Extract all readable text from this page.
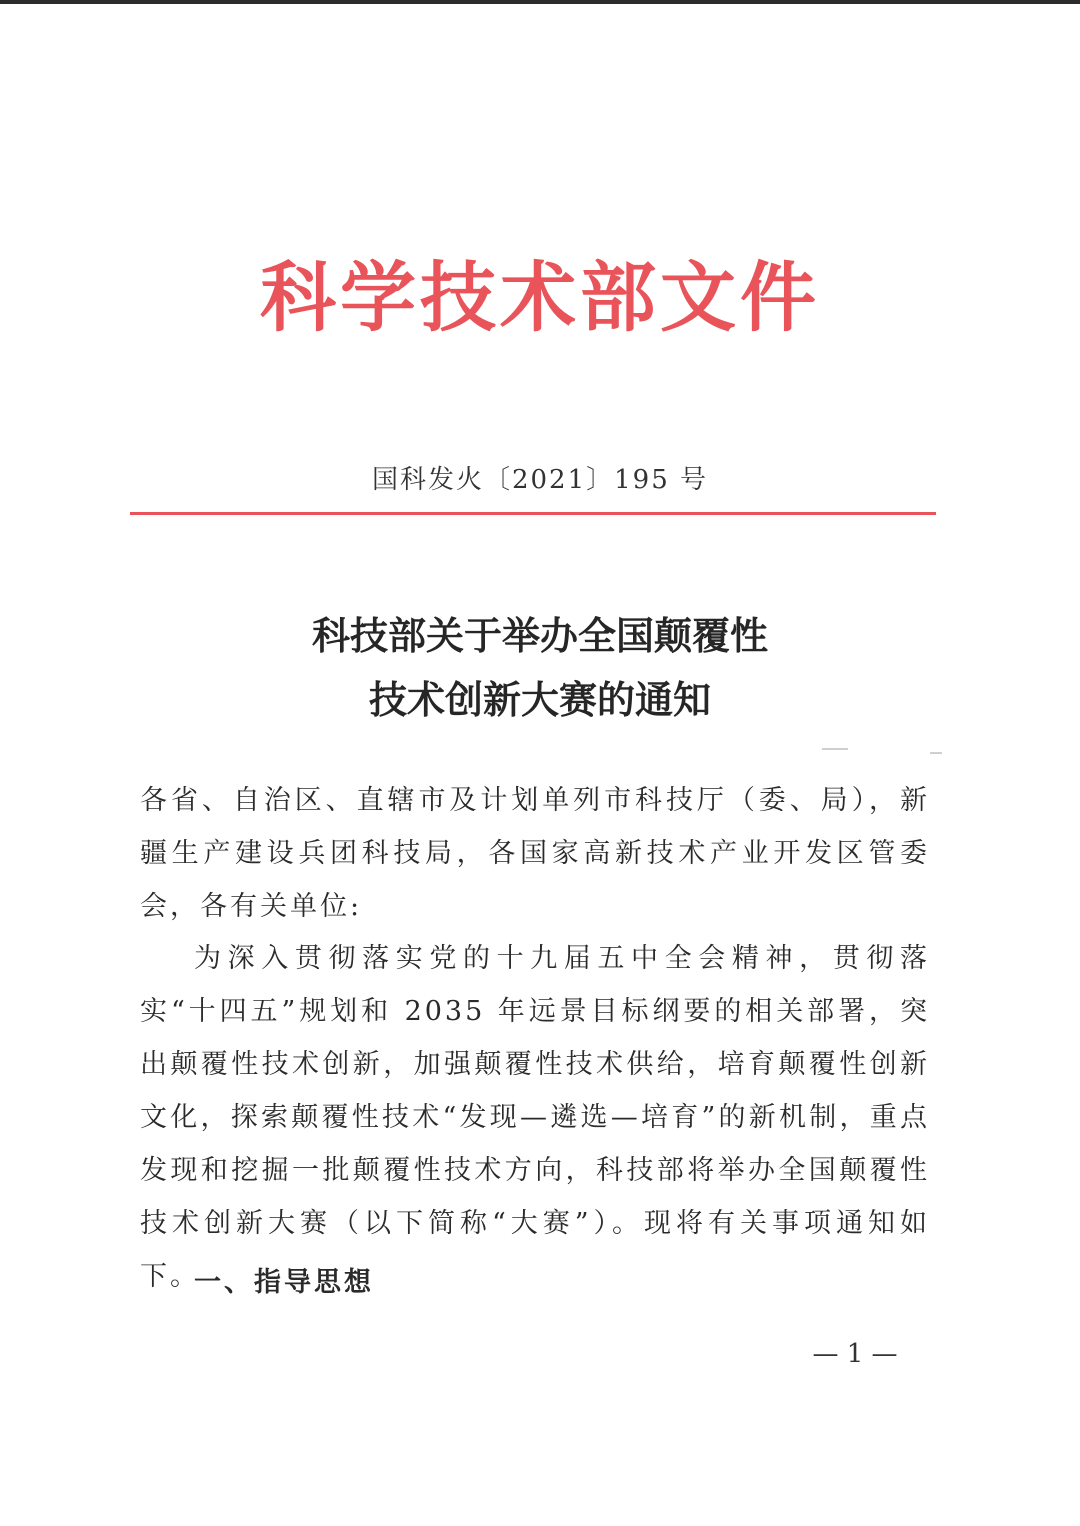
科学技术部文件
国科发火〔2021〕195 号
科技部关于举办全国颠覆性
技术创新大赛的通知
各省、自治区、直辖市及计划单列市科技厅（委、局），新疆生产建设兵团科技局，各国家高新技术产业开发区管委会，各有关单位:
为深入贯彻落实党的十九届五中全会精神，贯彻落实“十四五”规划和 2035 年远景目标纲要的相关部署，突出颠覆性技术创新，加强颠覆性技术供给，培育颠覆性创新文化，探索颠覆性技术“发现—遴选—培育”的新机制，重点发现和挖掘一批颠覆性技术方向，科技部将举办全国颠覆性技术创新大赛（以下简称“大赛”）。现将有关事项通知如下。
一、指导思想
— 1 —
